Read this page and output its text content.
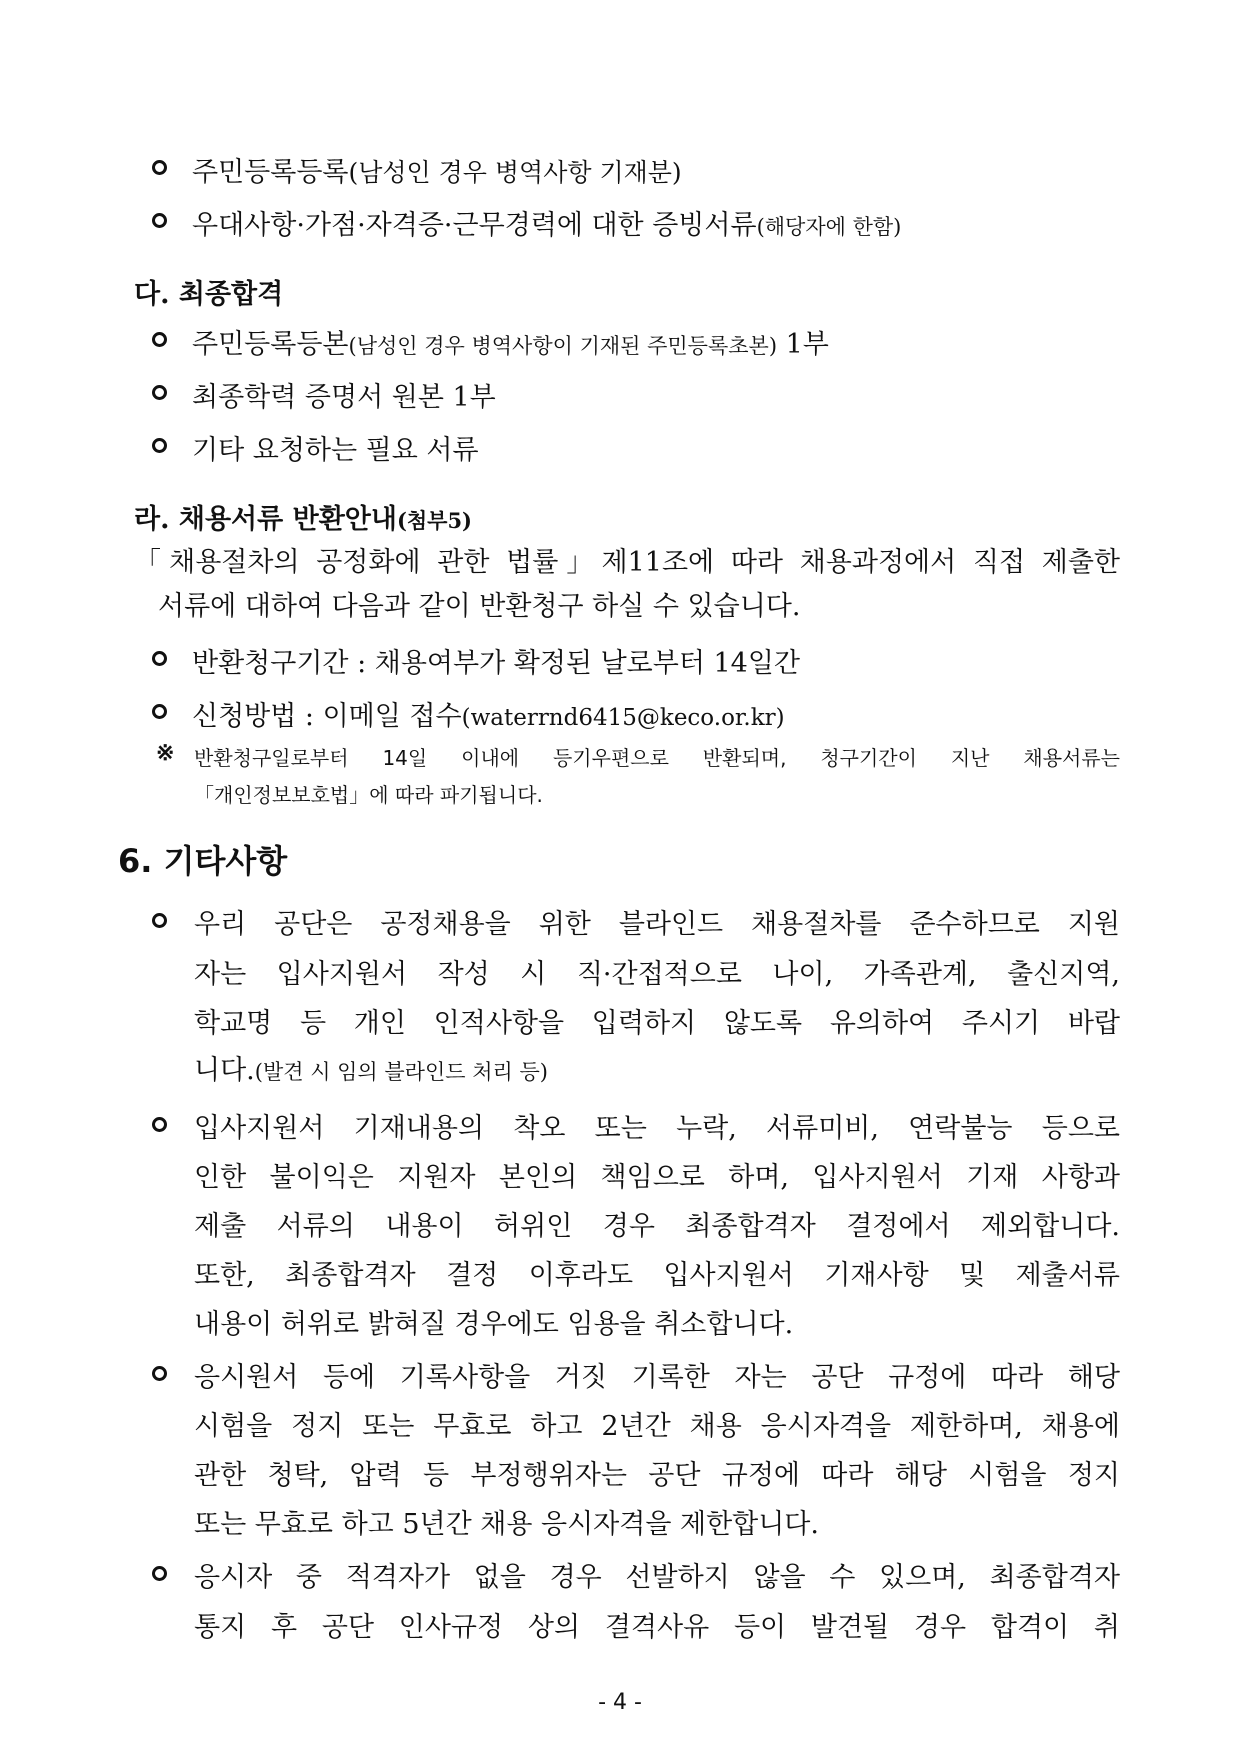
주민등록등록(남성인 경우 병역사항 기재분)
우대사항·가점·자격증·근무경력에 대한 증빙서류(해당자에 한함)
다. 최종합격
주민등록등본(남성인 경우 병역사항이 기재된 주민등록초본) 1부
최종학력 증명서 원본 1부
기타 요청하는 필요 서류
라. 채용서류 반환안내(첨부5)
「채용절차의 공정화에 관한 법률」제11조에 따라 채용과정에서 직접 제출한
서류에 대하여 다음과 같이 반환청구 하실 수 있습니다.
반환청구기간 : 채용여부가 확정된 날로부터 14일간
신청방법 : 이메일 접수(waterrnd6415@keco.or.kr)
※ 반환청구일로부터 14일 이내에 등기우편으로 반환되며, 청구기간이 지난 채용서류는
「개인정보보호법」에 따라 파기됩니다.
6. 기타사항
우리 공단은 공정채용을 위한 블라인드 채용절차를 준수하므로 지원
자는 입사지원서 작성 시 직·간접적으로 나이, 가족관계, 출신지역,
학교명 등 개인 인적사항을 입력하지 않도록 유의하여 주시기 바랍
니다.(발견 시 임의 블라인드 처리 등)
입사지원서 기재내용의 착오 또는 누락, 서류미비, 연락불능 등으로
인한 불이익은 지원자 본인의 책임으로 하며, 입사지원서 기재 사항과
제출 서류의 내용이 허위인 경우 최종합격자 결정에서 제외합니다.
또한, 최종합격자 결정 이후라도 입사지원서 기재사항 및 제출서류
내용이 허위로 밝혀질 경우에도 임용을 취소합니다.
응시원서 등에 기록사항을 거짓 기록한 자는 공단 규정에 따라 해당
시험을 정지 또는 무효로 하고 2년간 채용 응시자격을 제한하며, 채용에
관한 청탁, 압력 등 부정행위자는 공단 규정에 따라 해당 시험을 정지
또는 무효로 하고 5년간 채용 응시자격을 제한합니다.
응시자 중 적격자가 없을 경우 선발하지 않을 수 있으며, 최종합격자
통지 후 공단 인사규정 상의 결격사유 등이 발견될 경우 합격이 취
- 4 -
